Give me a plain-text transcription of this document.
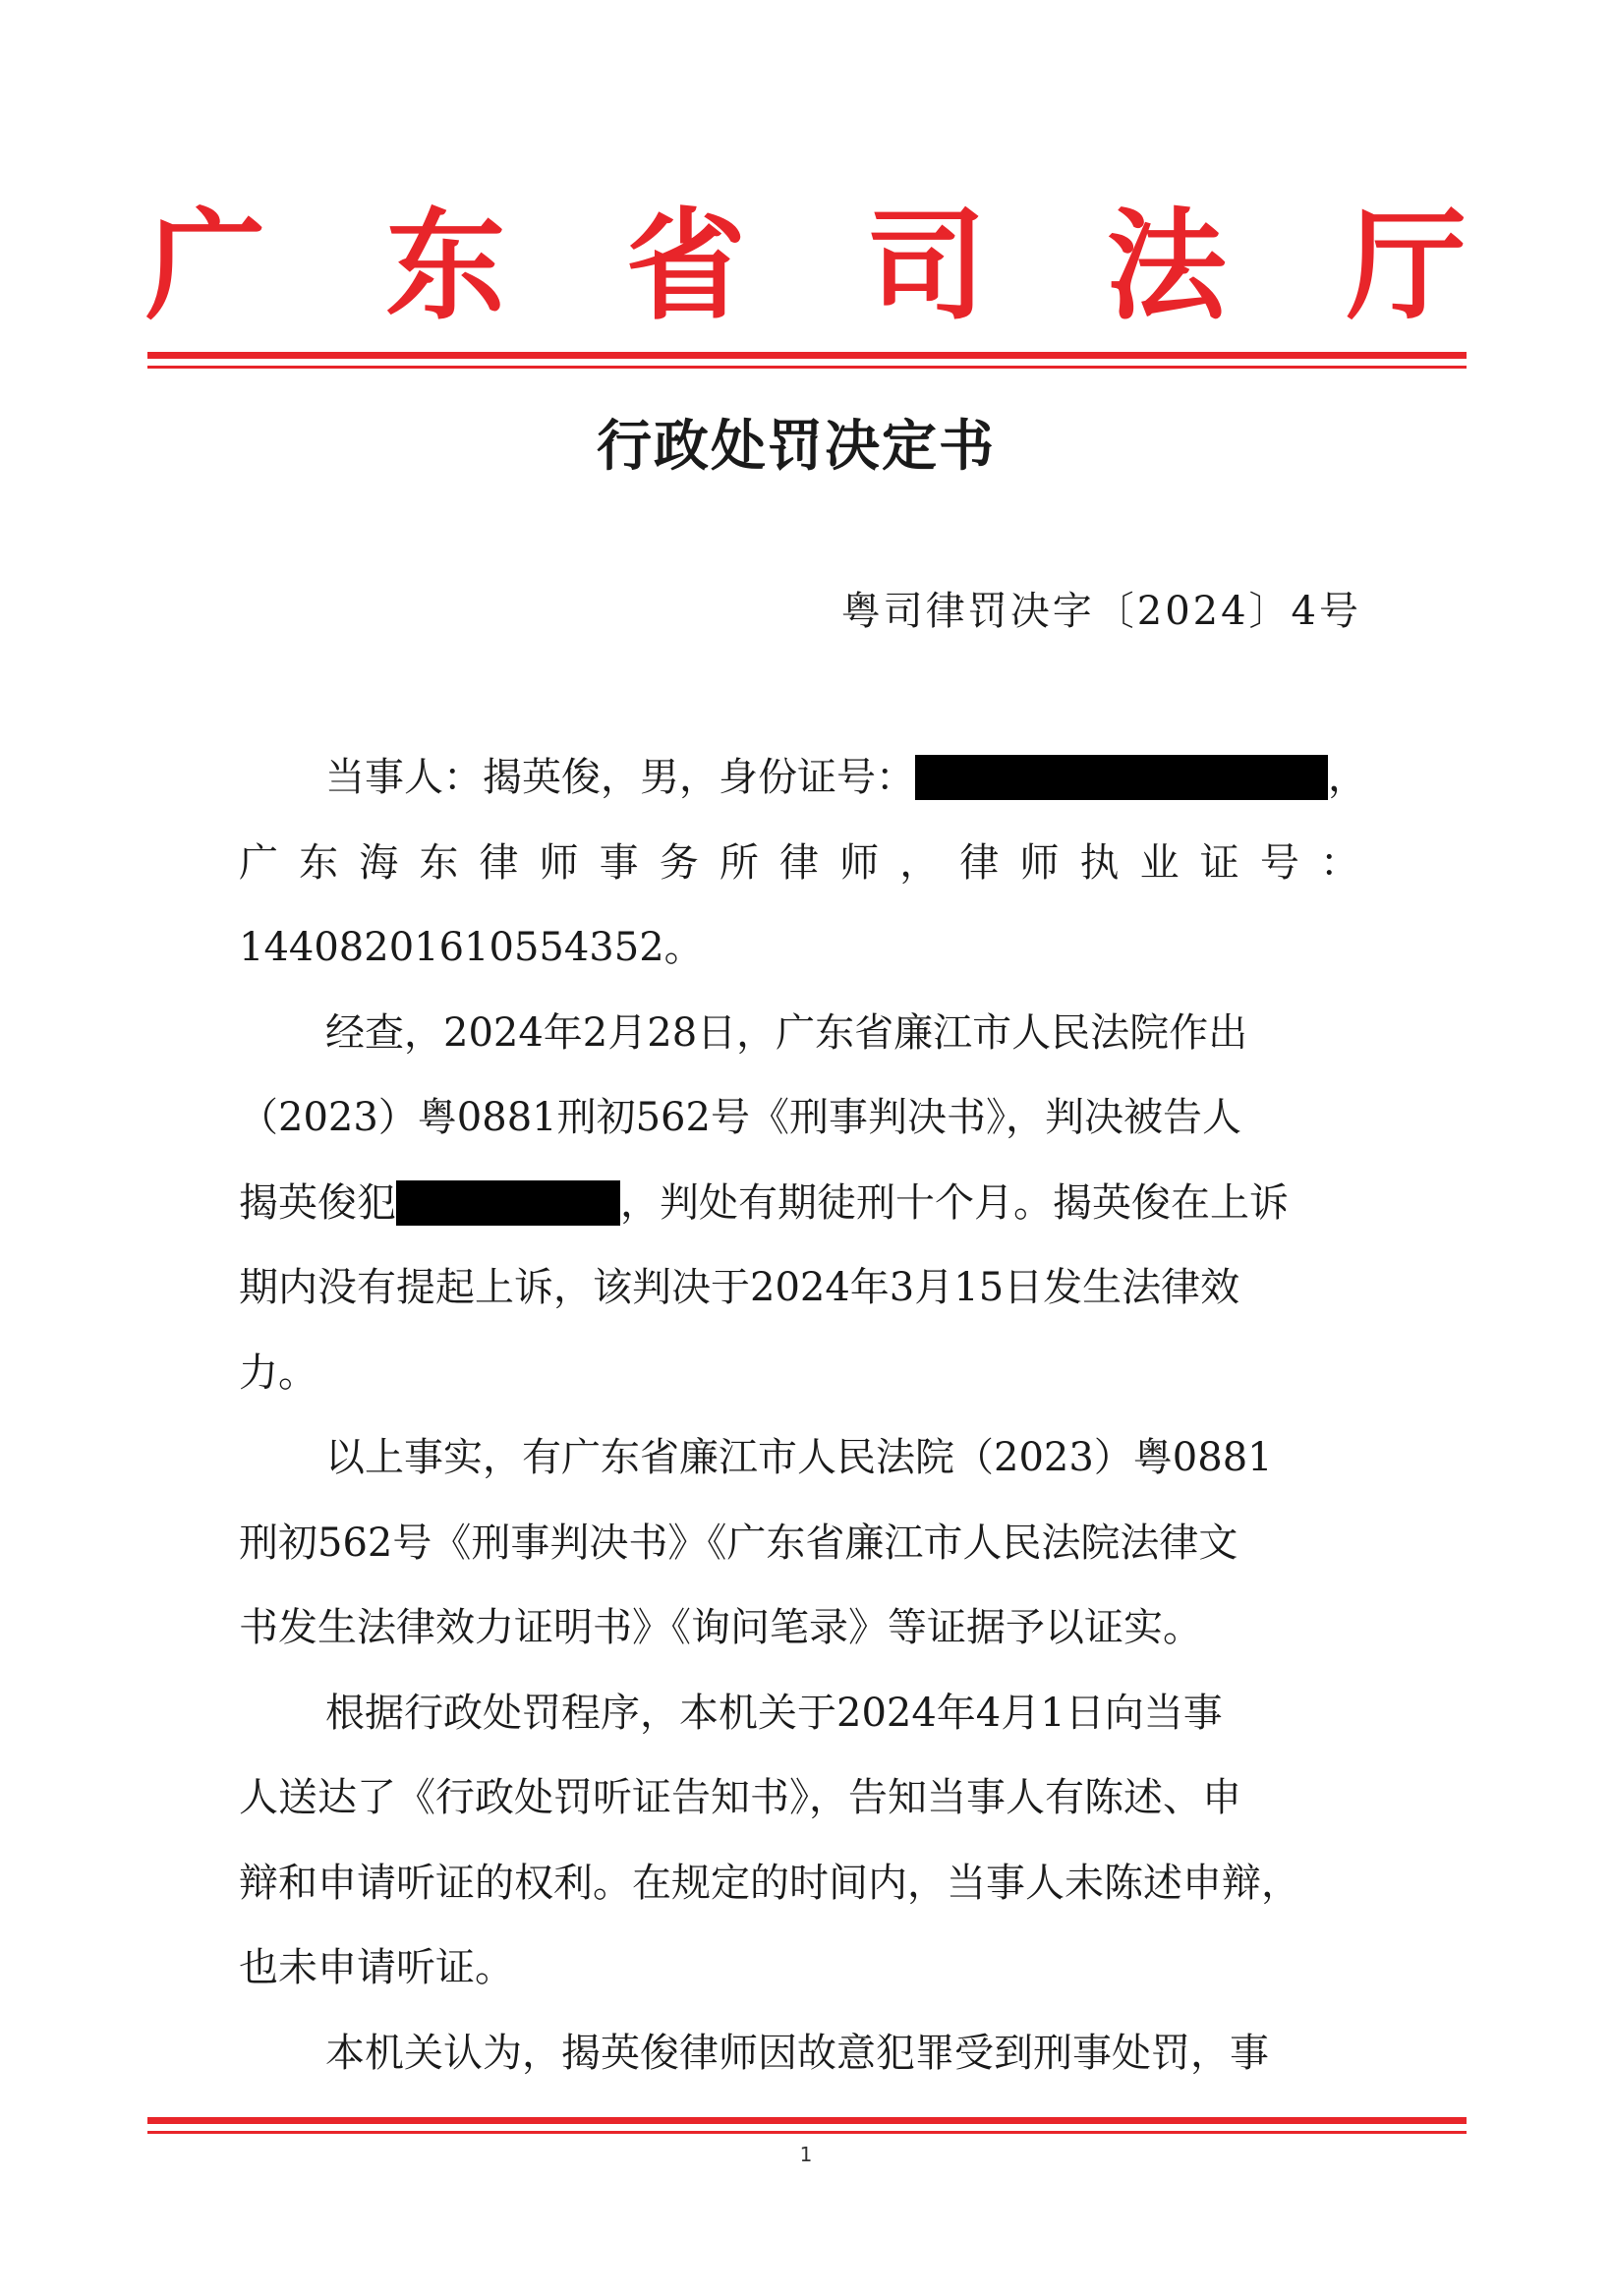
广 东 省 司 法 厅
行政处罚决定书
粤司律罚决字〔2024〕4号
当事人：揭英俊，男，身份证号：	，
广 东 海 东 律 师 事 务 所 律 师 ， 律 师 执 业 证 号 ：
14408201610554352。
经查，2024年2月28日，广东省廉江市人民法院作出
（2023）粤0881刑初562号《刑事判决书》，判决被告人
揭英俊犯	，判处有期徒刑十个月。揭英俊在上诉
期内没有提起上诉，该判决于2024年3月15日发生法律效
力。
以上事实，有广东省廉江市人民法院（2023）粤0881
刑初562号《刑事判决书》《广东省廉江市人民法院法律文
书发生法律效力证明书》《询问笔录》等证据予以证实。
根据行政处罚程序，本机关于2024年4月1日向当事
人送达了《行政处罚听证告知书》，告知当事人有陈述、申
辩和申请听证的权利。在规定的时间内，当事人未陈述申辩，
也未申请听证。
本机关认为，揭英俊律师因故意犯罪受到刑事处罚，事
1
